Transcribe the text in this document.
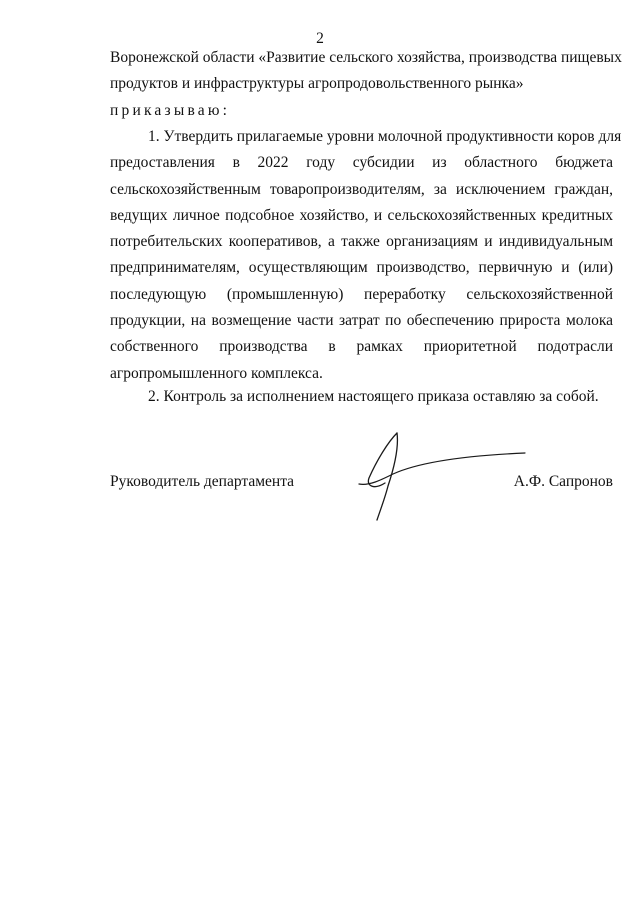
2
Воронежской области «Развитие сельского хозяйства, производства пищевых
продуктов и инфраструктуры агропродовольственного рынка»
приказываю:
1. Утвердить прилагаемые уровни молочной продуктивности коров для
предоставления в 2022 году субсидии из областного бюджета
сельскохозяйственным товаропроизводителям, за исключением граждан,
ведущих личное подсобное хозяйство, и сельскохозяйственных кредитных
потребительских кооперативов, а также организациям и индивидуальным
предпринимателям, осуществляющим производство, первичную и (или)
последующую (промышленную) переработку сельскохозяйственной
продукции, на возмещение части затрат по обеспечению прироста молока
собственного производства в рамках приоритетной подотрасли
агропромышленного комплекса.
2. Контроль за исполнением настоящего приказа оставляю за собой.
Руководитель департамента	А.Ф. Сапронов
